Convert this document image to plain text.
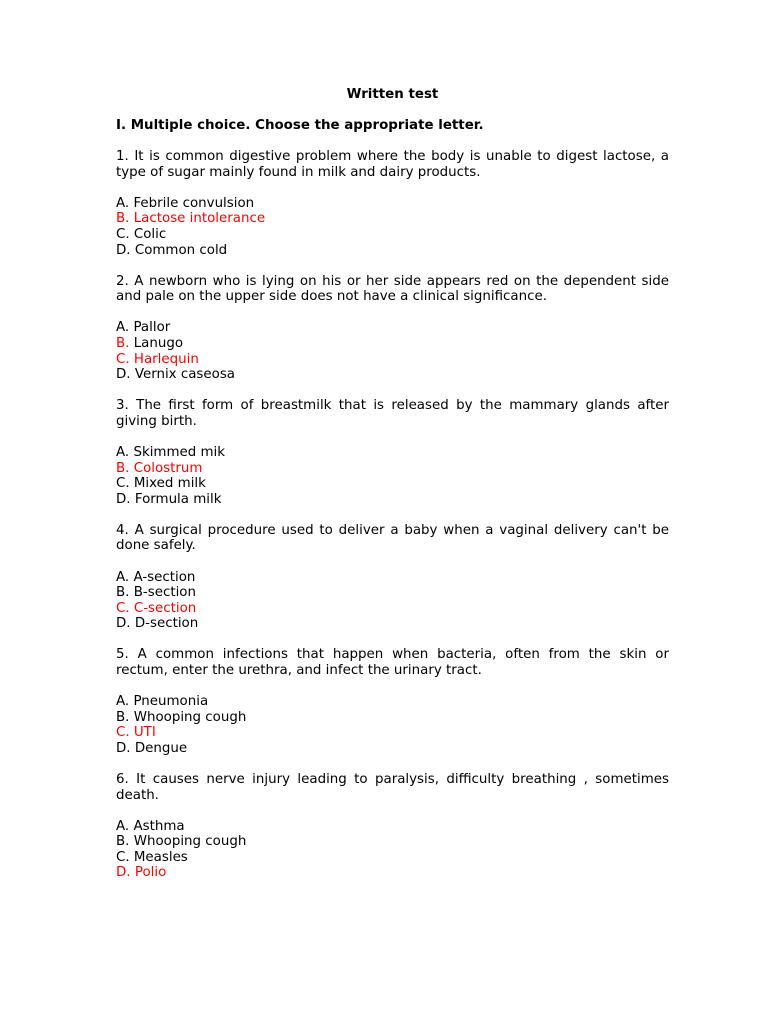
Written test
I. Multiple choice. Choose the appropriate letter.
1. It is common digestive problem where the body is unable to digest lactose, a type of sugar mainly found in milk and dairy products.
A. Febrile convulsion
B. Lactose intolerance
C. Colic
D. Common cold
2. A newborn who is lying on his or her side appears red on the dependent side and pale on the upper side does not have a clinical significance.
A. Pallor
B. Lanugo
C. Harlequin
D. Vernix caseosa
3. The first form of breastmilk that is released by the mammary glands after giving birth.
A. Skimmed mik
B. Colostrum
C. Mixed milk
D. Formula milk
4. A surgical procedure used to deliver a baby when a vaginal delivery can't be done safely.
A. A-section
B. B-section
C. C-section
D. D-section
5. A common infections that happen when bacteria, often from the skin or rectum, enter the urethra, and infect the urinary tract.
A. Pneumonia
B. Whooping cough
C. UTI
D. Dengue
6. It causes nerve injury leading to paralysis, difficulty breathing , sometimes death.
A. Asthma
B. Whooping cough
C. Measles
D. Polio
